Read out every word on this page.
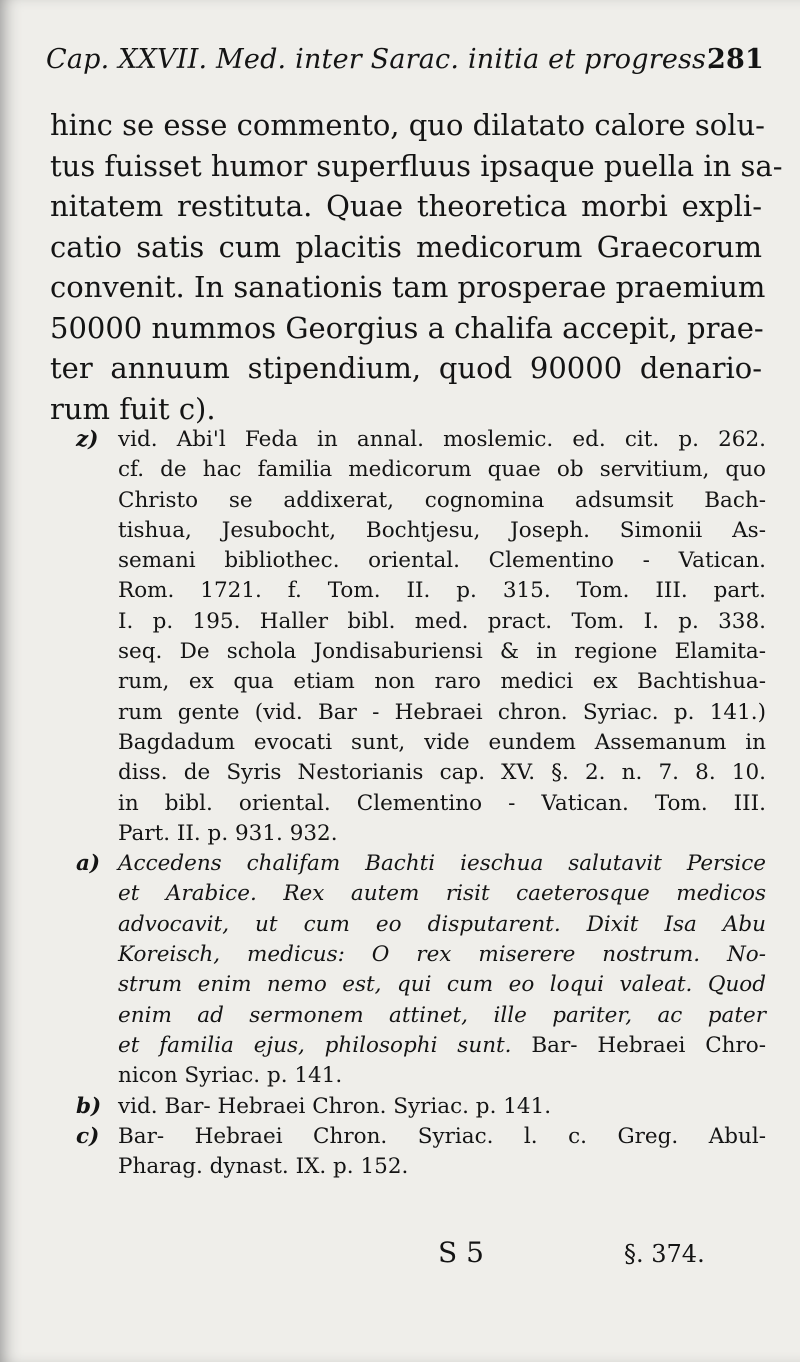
Cap. XXVII. Med. inter Sarac. initia et progress.
281
hinc se esse commento, quo dilatato calore solu-
tus fuisset humor superfluus ipsaque puella in sa-
nitatem restituta. Quae theoretica morbi expli-
catio satis cum placitis medicorum Graecorum
convenit. In sanationis tam prosperae praemium
50000 nummos Georgius a chalifa accepit, prae-
ter annuum stipendium, quod 90000 denario-
rum fuit c).
z) vid. Abi'l Feda in annal. moslemic. ed. cit. p. 262.
cf. de hac familia medicorum quae ob servitium, quo
Christo se addixerat, cognomina adsumsit Bach-
tishua, Jesubocht, Bochtjesu, Joseph. Simonii As-
semani bibliothec. oriental. Clementino - Vatican.
Rom. 1721. f. Tom. II. p. 315. Tom. III. part.
I. p. 195. Haller bibl. med. pract. Tom. I. p. 338.
seq. De schola Jondisaburiensi & in regione Elamita-
rum, ex qua etiam non raro medici ex Bachtishua-
rum gente (vid. Bar - Hebraei chron. Syriac. p. 141.)
Bagdadum evocati sunt, vide eundem Assemanum in
diss. de Syris Nestorianis cap. XV. §. 2. n. 7. 8. 10.
in bibl. oriental. Clementino - Vatican. Tom. III.
Part. II. p. 931. 932.
a) Accedens chalifam Bachti ieschua salutavit Persice
et Arabice. Rex autem risit caeterosque medicos
advocavit, ut cum eo disputarent. Dixit Isa Abu
Koreisch, medicus: O rex miserere nostrum. No-
strum enim nemo est, qui cum eo loqui valeat. Quod
enim ad sermonem attinet, ille pariter, ac pater
et familia ejus, philosophi sunt. Bar- Hebraei Chro-
nicon Syriac. p. 141.
b) vid. Bar- Hebraei Chron. Syriac. p. 141.
c) Bar- Hebraei Chron. Syriac. l. c. Greg. Abul-
Pharag. dynast. IX. p. 152.
S 5	§. 374.
